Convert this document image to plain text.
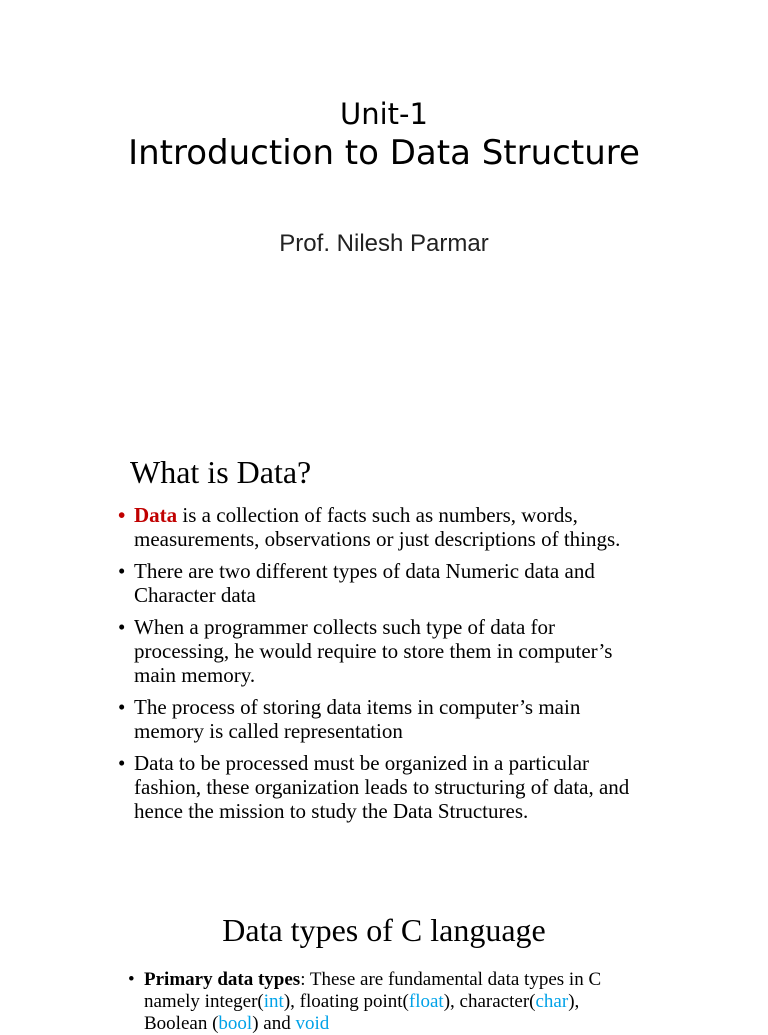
Unit-1
Introduction to Data Structure
Prof. Nilesh Parmar
What is Data?
• Data is a collection of facts such as numbers, words, measurements, observations or just descriptions of things.
• There are two different types of data Numeric data and Character data
• When a programmer collects such type of data for processing, he would require to store them in computer’s main memory.
• The process of storing data items in computer’s main memory is called representation
• Data to be processed must be organized in a particular fashion, these organization leads to structuring of data, and hence the mission to study the Data Structures.
Data types of C language
• Primary data types: These are fundamental data types in C namely integer(int), floating point(float), character(char), Boolean (bool) and void
